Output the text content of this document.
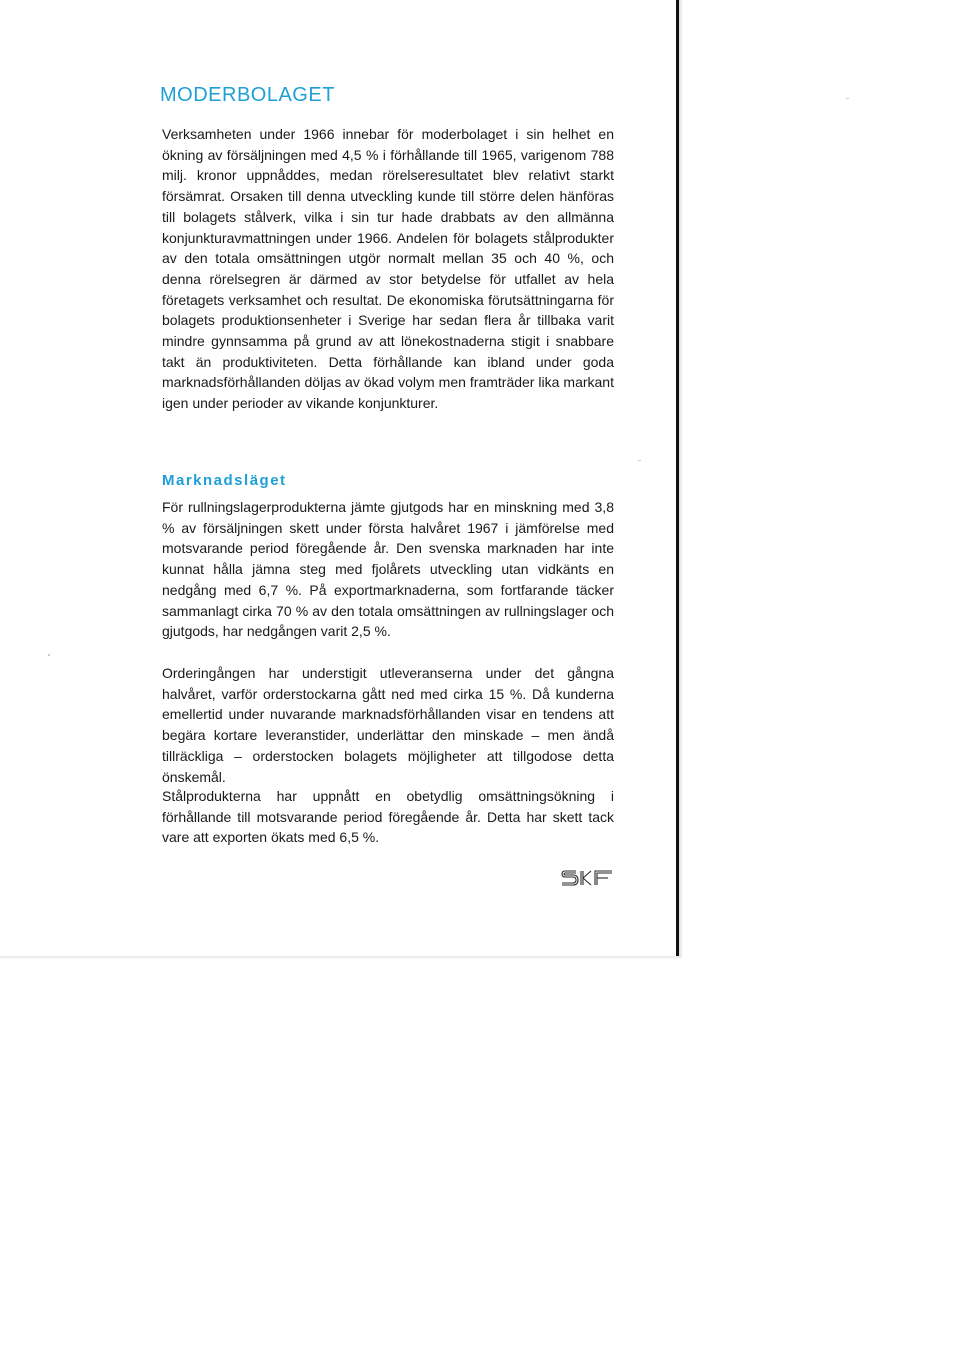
MODERBOLAGET

Verksamheten under 1966 innebar för moderbolaget i sin helhet en ökning av försäljningen med 4,5 % i förhållande till 1965, varigenom 788 milj. kronor uppnåddes, medan rörelseresultatet blev relativt starkt försämrat. Orsaken till denna utveckling kunde till större delen hänföras till bolagets stålverk, vilka i sin tur hade drabbats av den allmänna konjunkturavmattningen under 1966. Andelen för bolagets stålprodukter av den totala omsättningen utgör normalt mellan 35 och 40 %, och denna rörelsegren är därmed av stor betydelse för utfallet av hela företagets verksamhet och resultat. De ekonomiska förutsättningarna för bolagets produktionsenheter i Sverige har sedan flera år tillbaka varit mindre gynnsamma på grund av att lönekostnaderna stigit i snabbare takt än produktiviteten. Detta förhållande kan ibland under goda marknadsförhållanden döljas av ökad volym men framträder lika markant igen under perioder av vikande konjunkturer.

Marknadsläget

För rullningslagerprodukterna jämte gjutgods har en minskning med 3,8 % av försäljningen skett under första halvåret 1967 i jämförelse med motsvarande period föregående år. Den svenska marknaden har inte kunnat hålla jämna steg med fjolårets utveckling utan vidkänts en nedgång med 6,7 %. På exportmarknaderna, som fortfarande täcker sammanlagt cirka 70 % av den totala omsättningen av rullningslager och gjutgods, har nedgången varit 2,5 %.

Orderingången har understigit utleveranserna under det gångna halvåret, varför orderstockarna gått ned med cirka 15 %. Då kunderna emellertid under nuvarande marknadsförhållanden visar en tendens att begära kortare leveranstider, underlättar den minskade – men ändå tillräckliga – orderstocken bolagets möjligheter att tillgodose detta önskemål.

Stålprodukterna har uppnått en obetydlig omsättningsökning i förhållande till motsvarande period föregående år. Detta har skett tack vare att exporten ökats med 6,5 %.
